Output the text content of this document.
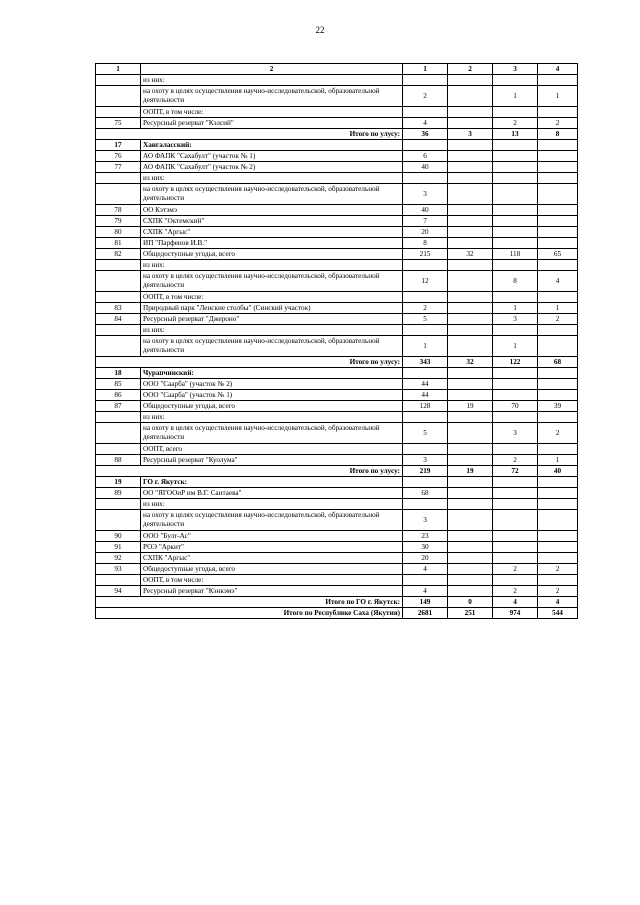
22
1	2	1	2	3	4
	из них:				
	на охоту в целях осуществления научно-исследовательской, образовательной деятельности	2		1	1
	ООПТ, в том числе:				
75	Ресурсный резерват "Кэлсий"	4		2	2
Итого по улусу:		36	3	13	8
17	Хангаласский:				
76	АО ФАПК "Сахабулт" (участок № 1)	6			
77	АО ФАПК "Сахабулт" (участок № 2)	40			
	из них:				
	на охоту в целях осуществления научно-исследовательской, образовательной деятельности	3			
78	ОО Кэтэмэ	40			
79	СХПК "Октемский"	7			
80	СХПК "Аргыс"	20			
81	ИП "Парфенов И.В."	8			
82	Общедоступные угодья, всего	215	32	118	65
	из них:				
	на охоту в целях осуществления научно-исследовательской, образовательной деятельности	12		8	4
	ООПТ, в том числе:				
83	Природный парк "Ленские столбы" (Синский участок)	2		1	1
84	Ресурсный резерват "Джероно"	5		3	2
	из них:				
	на охоту в целях осуществления научно-исследовательской, образовательной деятельности	1		1	
Итого по улусу:		343	32	122	68
18	Чурапчинский:				
85	ООО "Саарба" (участок № 2)	44			
86	ООО "Саарба" (участок № 1)	44			
87	Общедоступные угодья, всего	128	19	70	39
	из них:				
	на охоту в целях осуществления научно-исследовательской, образовательной деятельности	5		3	2
	ООПТ, всего				
88	Ресурсный резерват "Куолума"	3		2	1
Итого по улусу:		219	19	72	40
19	ГО г. Якутск:				
89	ОО "ЯГООиР им В.Г. Сантаева"	68			
	из них:				
	на охоту в целях осуществления научно-исследовательской, образовательной деятельности	3			
90	ООО "Булт-Ас"	23			
91	РОЭ "Аркит"	30			
92	СХПК "Аргыс"	20			
93	Общедоступные угодья, всего	4		2	2
	ООПТ, в том числе:				
94	Ресурсный резерват "Кэнкэмэ"	4		2	2
Итого по ГО г. Якутск:		149	0	4	4
Итого по Республике Саха (Якутия)		2681	251	974	544
